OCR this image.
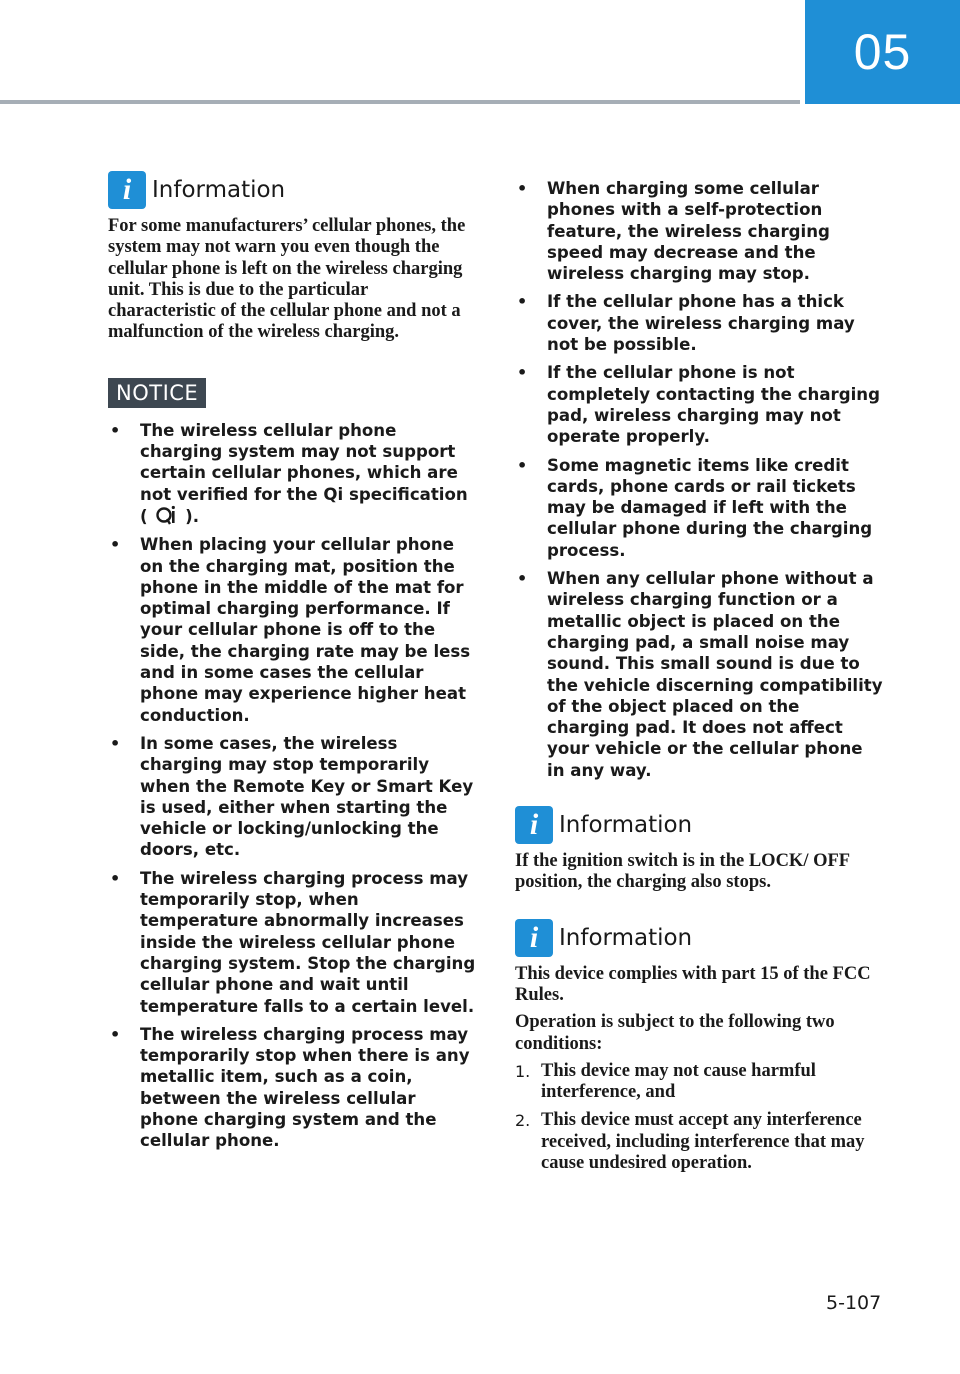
05
i Information

For some manufacturers’ cellular phones, the system may not warn you even though the cellular phone is left on the wireless charging unit. This is due to the particular characteristic of the cellular phone and not a malfunction of the wireless charging.

NOTICE
• The wireless cellular phone charging system may not support certain cellular phones, which are not verified for the Qi specification ( ).
• When placing your cellular phone on the charging mat, position the phone in the middle of the mat for optimal charging performance. If your cellular phone is off to the side, the charging rate may be less and in some cases the cellular phone may experience higher heat conduction.
• In some cases, the wireless charging may stop temporarily when the Remote Key or Smart Key is used, either when starting the vehicle or locking/unlocking the doors, etc.
• The wireless charging process may temporarily stop, when temperature abnormally increases inside the wireless cellular phone charging system. Stop the charging cellular phone and wait until temperature falls to a certain level.
• The wireless charging process may temporarily stop when there is any metallic item, such as a coin, between the wireless cellular phone charging system and the cellular phone.
• When charging some cellular phones with a self-protection feature, the wireless charging speed may decrease and the wireless charging may stop.
• If the cellular phone has a thick cover, the wireless charging may not be possible.
• If the cellular phone is not completely contacting the charging pad, wireless charging may not operate properly.
• Some magnetic items like credit cards, phone cards or rail tickets may be damaged if left with the cellular phone during the charging process.
• When any cellular phone without a wireless charging function or a metallic object is placed on the charging pad, a small noise may sound. This small sound is due to the vehicle discerning compatibility of the object placed on the charging pad. It does not affect your vehicle or the cellular phone in any way.
i Information

If the ignition switch is in the LOCK/ OFF position, the charging also stops.

i Information

This device complies with part 15 of the FCC Rules.

Operation is subject to the following two conditions:

1. This device may not cause harmful interference, and
2. This device must accept any interference received, including interference that may cause undesired operation.
5-107
